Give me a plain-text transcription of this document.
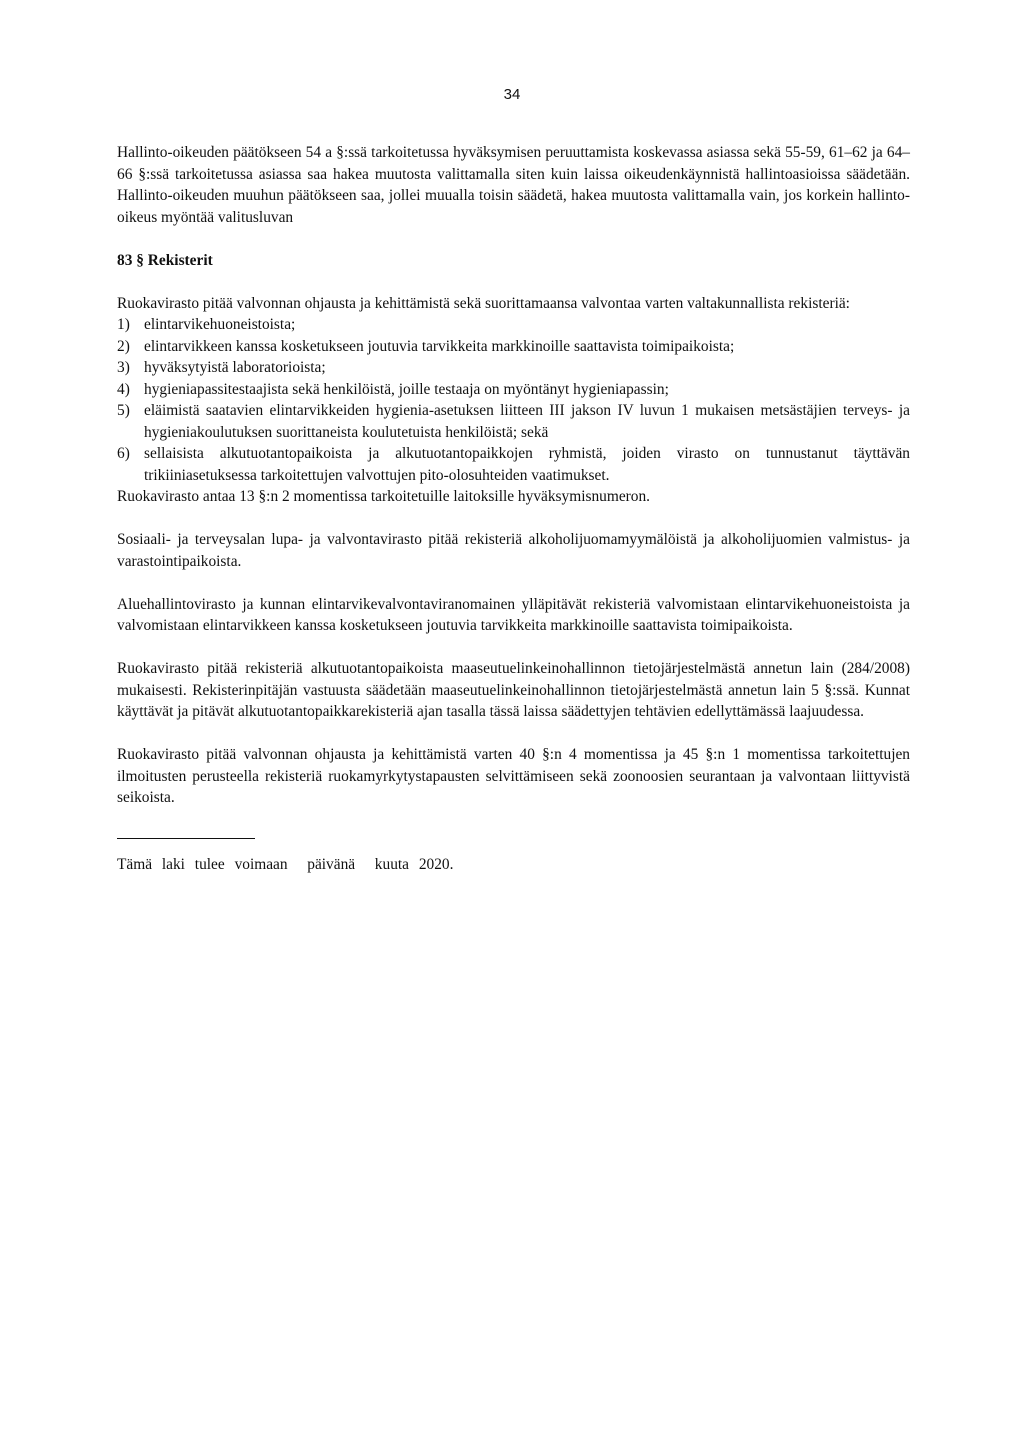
34

Hallinto-oikeuden päätökseen 54 a §:ssä tarkoitetussa hyväksymisen peruuttamista koskevassa asiassa sekä 55-59, 61–62 ja 64–66 §:ssä tarkoitetussa asiassa saa hakea muutosta valittamalla siten kuin laissa oikeudenkäynnistä hallintoasioissa säädetään. Hallinto-oikeuden muuhun päätökseen saa, jollei muualla toisin säädetä, hakea muutosta valittamalla vain, jos korkein hallinto-oikeus myöntää valitusluvan

83 § Rekisterit

Ruokavirasto pitää valvonnan ohjausta ja kehittämistä sekä suorittamaansa valvontaa varten valtakunnallista rekisteriä:

1) elintarvikehuoneistoista;
2) elintarvikkeen kanssa kosketukseen joutuvia tarvikkeita markkinoille saattavista toimipaikoista;
3) hyväksytyistä laboratorioista;
4) hygieniapassitestaajista sekä henkilöistä, joille testaaja on myöntänyt hygieniapassin;
5) eläimistä saatavien elintarvikkeiden hygienia-asetuksen liitteen III jakson IV luvun 1 mukaisen metsästäjien terveys- ja hygieniakoulutuksen suorittaneista koulutetuista henkilöistä; sekä
6) sellaisista alkutuotantopaikoista ja alkutuotantopaikkojen ryhmistä, joiden virasto on tunnustanut täyttävän trikiiniasetuksessa tarkoitettujen valvottujen pito-olosuhteiden vaatimukset.

Ruokavirasto antaa 13 §:n 2 momentissa tarkoitetuille laitoksille hyväksymisnumeron.

Sosiaali- ja terveysalan lupa- ja valvontavirasto pitää rekisteriä alkoholijuomamyymälöistä ja alkoholijuomien valmistus- ja varastointipaikoista.

Aluehallintovirasto ja kunnan elintarvikevalvontaviranomainen ylläpitävät rekisteriä valvomistaan elintarvikehuoneistoista ja valvomistaan elintarvikkeen kanssa kosketukseen joutuvia tarvikkeita markkinoille saattavista toimipaikoista.

Ruokavirasto pitää rekisteriä alkutuotantopaikoista maaseutuelinkeinohallinnon tietojärjestelmästä annetun lain (284/2008) mukaisesti. Rekisterinpitäjän vastuusta säädetään maaseutuelinkeinohallinnon tietojärjestelmästä annetun lain 5 §:ssä. Kunnat käyttävät ja pitävät alkutuotantopaikkarekisteriä ajan tasalla tässä laissa säädettyjen tehtävien edellyttämässä laajuudessa.

Ruokavirasto pitää valvonnan ohjausta ja kehittämistä varten 40 §:n 4 momentissa ja 45 §:n 1 momentissa tarkoitettujen ilmoitusten perusteella rekisteriä ruokamyrkytystapausten selvittämiseen sekä zoonoosien seurantaan ja valvontaan liittyvistä seikoista.

Tämä laki tulee voimaan  päivänä  kuuta 2020.
